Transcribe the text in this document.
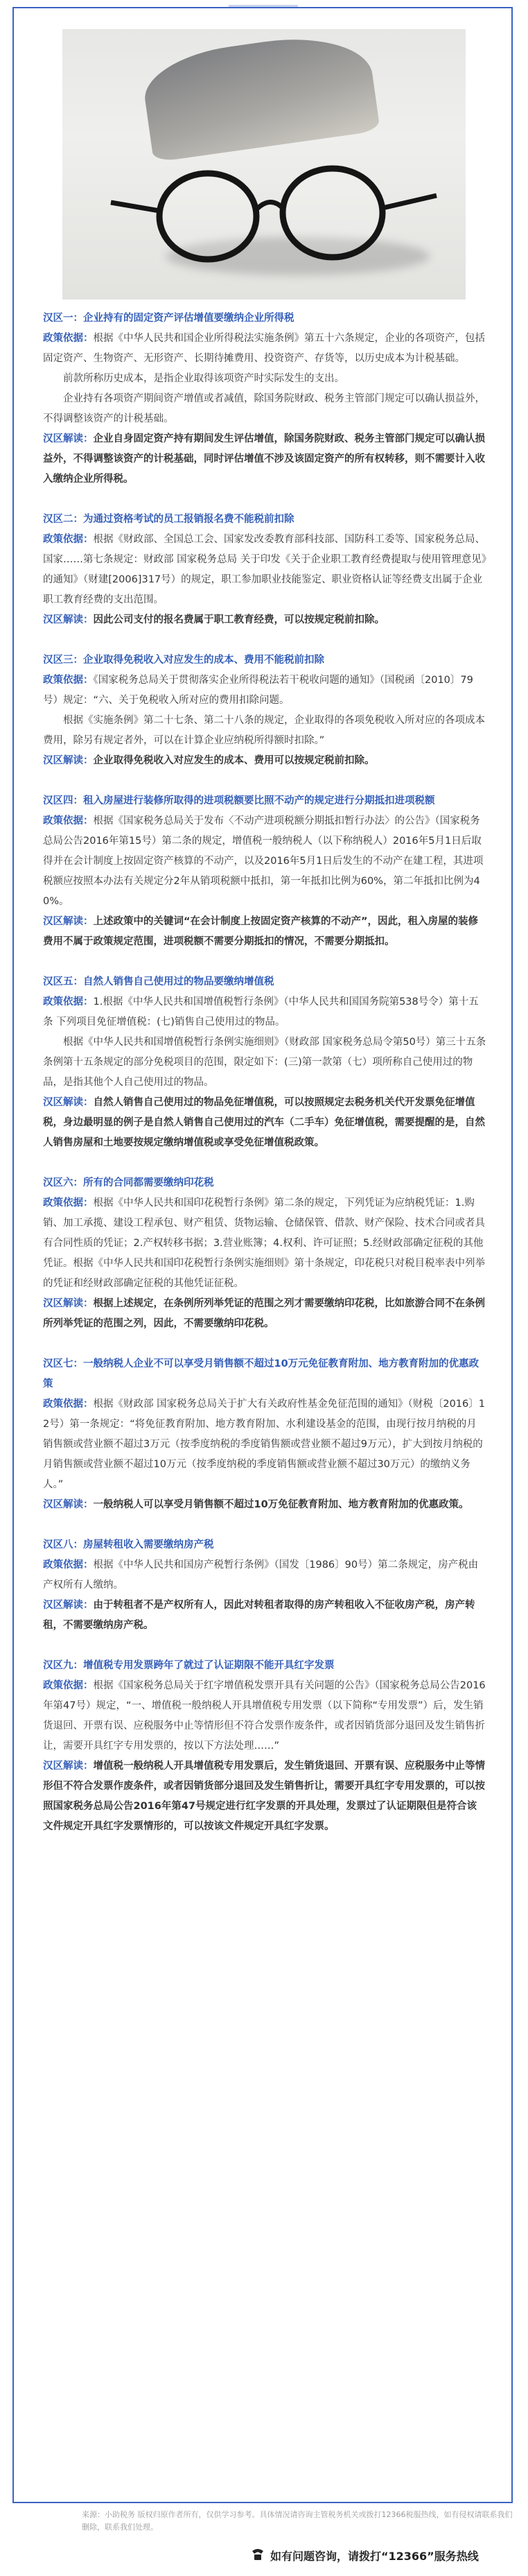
汉区一：企业持有的固定资产评估增值要缴纳企业所得税
政策依据：根据《中华人民共和国企业所得税法实施条例》第五十六条规定，企业的各项资产，包括固定资产、生物资产、无形资产、长期待摊费用、投资资产、存货等，以历史成本为计税基础。
前款所称历史成本，是指企业取得该项资产时实际发生的支出。
企业持有各项资产期间资产增值或者减值，除国务院财政、税务主管部门规定可以确认损益外，不得调整该资产的计税基础。
汉区解读：企业自身固定资产持有期间发生评估增值，除国务院财政、税务主管部门规定可以确认损益外，不得调整该资产的计税基础，同时评估增值不涉及该固定资产的所有权转移，则不需要计入收入缴纳企业所得税。
汉区二：为通过资格考试的员工报销报名费不能税前扣除
政策依据：根据《财政部、全国总工会、国家发改委教育部科技部、国防科工委等、国家税务总局、国家……第七条规定：财政部 国家税务总局 关于印发《关于企业职工教育经费提取与使用管理意见》的通知》（财建[2006]317号）的规定，职工参加职业技能鉴定、职业资格认证等经费支出属于企业职工教育经费的支出范围。
汉区解读：因此公司支付的报名费属于职工教育经费，可以按规定税前扣除。
汉区三：企业取得免税收入对应发生的成本、费用不能税前扣除
政策依据：《国家税务总局关于贯彻落实企业所得税法若干税收问题的通知》（国税函〔2010〕79号）规定：“六、关于免税收入所对应的费用扣除问题。
根据《实施条例》第二十七条、第二十八条的规定，企业取得的各项免税收入所对应的各项成本费用，除另有规定者外，可以在计算企业应纳税所得额时扣除。”
汉区解读：企业取得免税收入对应发生的成本、费用可以按规定税前扣除。
汉区四：租入房屋进行装修所取得的进项税额要比照不动产的规定进行分期抵扣进项税额
政策依据：根据《国家税务总局关于发布〈不动产进项税额分期抵扣暂行办法〉的公告》（国家税务总局公告2016年第15号）第二条的规定，增值税一般纳税人（以下称纳税人）2016年5月1日后取得并在会计制度上按固定资产核算的不动产，以及2016年5月1日后发生的不动产在建工程，其进项税额应按照本办法有关规定分2年从销项税额中抵扣，第一年抵扣比例为60%，第二年抵扣比例为40%。
汉区解读：上述政策中的关键词“在会计制度上按固定资产核算的不动产”，因此，租入房屋的装修费用不属于政策规定范围，进项税额不需要分期抵扣的情况，不需要分期抵扣。
汉区五：自然人销售自己使用过的物品要缴纳增值税
政策依据：1.根据《中华人民共和国增值税暂行条例》（中华人民共和国国务院第538号令）第十五条 下列项目免征增值税：(七)销售自己使用过的物品。
根据《中华人民共和国增值税暂行条例实施细则》（财政部 国家税务总局令第50号）第三十五条 条例第十五条规定的部分免税项目的范围，限定如下：(三)第一款第（七）项所称自己使用过的物品，是指其他个人自己使用过的物品。
汉区解读：自然人销售自己使用过的物品免征增值税，可以按照规定去税务机关代开发票免征增值税，身边最明显的例子是自然人销售自己使用过的汽车（二手车）免征增值税，需要提醒的是，自然人销售房屋和土地要按规定缴纳增值税或享受免征增值税政策。
汉区六：所有的合同都需要缴纳印花税
政策依据：根据《中华人民共和国印花税暂行条例》第二条的规定，下列凭证为应纳税凭证：1.购销、加工承揽、建设工程承包、财产租赁、货物运输、仓储保管、借款、财产保险、技术合同或者具有合同性质的凭证；2.产权转移书据；3.营业账簿；4.权利、许可证照；5.经财政部确定征税的其他凭证。根据《中华人民共和国印花税暂行条例实施细则》第十条规定，印花税只对税目税率表中列举的凭证和经财政部确定征税的其他凭证征税。
汉区解读：根据上述规定，在条例所列举凭证的范围之列才需要缴纳印花税，比如旅游合同不在条例所列举凭证的范围之列，因此，不需要缴纳印花税。
汉区七：一般纳税人企业不可以享受月销售额不超过10万元免征教育附加、地方教育附加的优惠政策
政策依据：根据《财政部 国家税务总局关于扩大有关政府性基金免征范围的通知》（财税〔2016〕12号）第一条规定：“将免征教育附加、地方教育附加、水利建设基金的范围，由现行按月纳税的月销售额或营业额不超过3万元（按季度纳税的季度销售额或营业额不超过9万元），扩大到按月纳税的月销售额或营业额不超过10万元（按季度纳税的季度销售额或营业额不超过30万元）的缴纳义务人。”
汉区解读：一般纳税人可以享受月销售额不超过10万免征教育附加、地方教育附加的优惠政策。
汉区八：房屋转租收入需要缴纳房产税
政策依据：根据《中华人民共和国房产税暂行条例》（国发〔1986〕90号）第二条规定，房产税由产权所有人缴纳。
汉区解读：由于转租者不是产权所有人，因此对转租者取得的房产转租收入不征收房产税，房产转租，不需要缴纳房产税。
汉区九：增值税专用发票跨年了就过了认证期限不能开具红字发票
政策依据：根据《国家税务总局关于红字增值税发票开具有关问题的公告》（国家税务总局公告2016年第47号）规定，“一、增值税一般纳税人开具增值税专用发票（以下简称“专用发票”）后，发生销货退回、开票有误、应税服务中止等情形但不符合发票作废条件，或者因销货部分退回及发生销售折让，需要开具红字专用发票的，按以下方法处理……”
汉区解读：增值税一般纳税人开具增值税专用发票后，发生销货退回、开票有误、应税服务中止等情形但不符合发票作废条件，或者因销货部分退回及发生销售折让，需要开具红字专用发票的，可以按照国家税务总局公告2016年第47号规定进行红字发票的开具处理，发票过了认证期限但是符合该文件规定开具红字发票情形的，可以按该文件规定开具红字发票。
来源：小助税务 版权归原作者所有，仅供学习参考。具体情况请咨询主管税务机关或拨打12366税服热线，如有侵权请联系我们删除，联系我们处理。
如有问题咨询，请拨打“12366”服务热线
